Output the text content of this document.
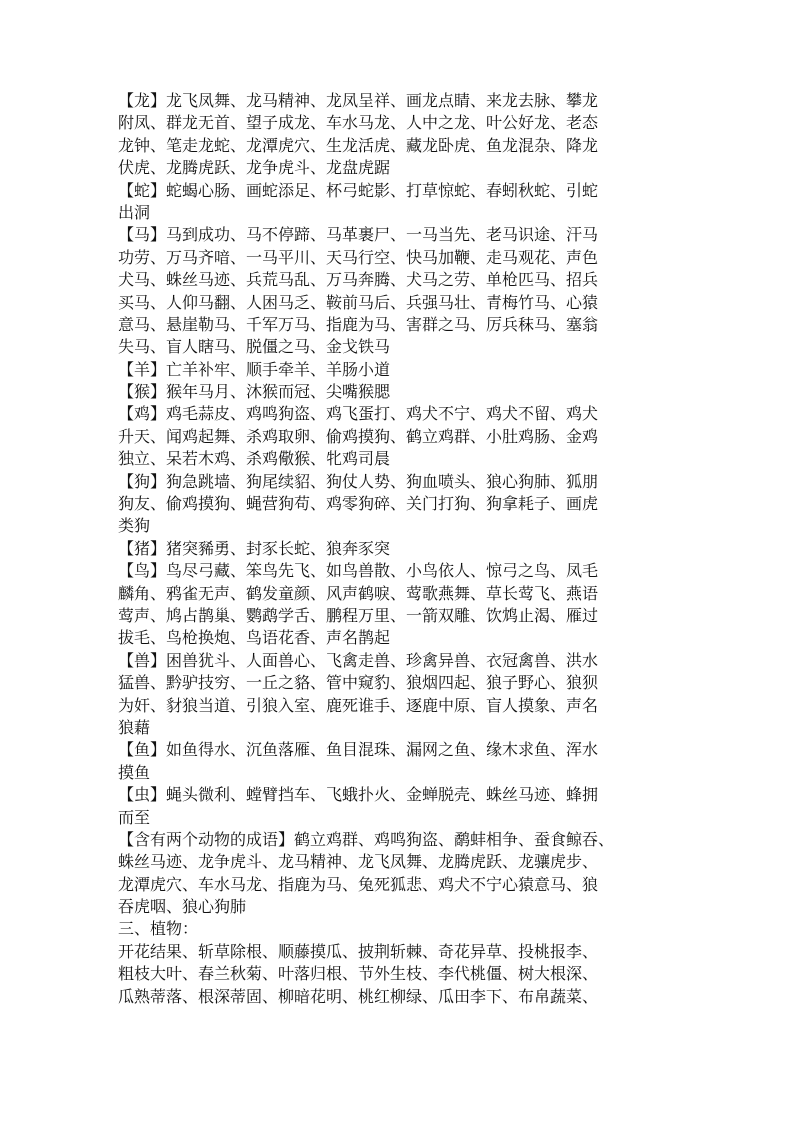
【龙】龙飞凤舞、龙马精神、龙凤呈祥、画龙点睛、来龙去脉、攀龙

附凤、群龙无首、望子成龙、车水马龙、人中之龙、叶公好龙、老态

龙钟、笔走龙蛇、龙潭虎穴、生龙活虎、藏龙卧虎、鱼龙混杂、降龙

伏虎、龙腾虎跃、龙争虎斗、龙盘虎踞

【蛇】蛇蝎心肠、画蛇添足、杯弓蛇影、打草惊蛇、春蚓秋蛇、引蛇

出洞

【马】马到成功、马不停蹄、马革裹尸、一马当先、老马识途、汗马

功劳、万马齐喑、一马平川、天马行空、快马加鞭、走马观花、声色

犬马、蛛丝马迹、兵荒马乱、万马奔腾、犬马之劳、单枪匹马、招兵

买马、人仰马翻、人困马乏、鞍前马后、兵强马壮、青梅竹马、心猿

意马、悬崖勒马、千军万马、指鹿为马、害群之马、厉兵秣马、塞翁

失马、盲人瞎马、脱僵之马、金戈铁马

【羊】亡羊补牢、顺手牵羊、羊肠小道

【猴】猴年马月、沐猴而冠、尖嘴猴腮

【鸡】鸡毛蒜皮、鸡鸣狗盗、鸡飞蛋打、鸡犬不宁、鸡犬不留、鸡犬

升天、闻鸡起舞、杀鸡取卵、偷鸡摸狗、鹤立鸡群、小肚鸡肠、金鸡

独立、呆若木鸡、杀鸡儆猴、牝鸡司晨

【狗】狗急跳墙、狗尾续貂、狗仗人势、狗血喷头、狼心狗肺、狐朋

狗友、偷鸡摸狗、蝇营狗苟、鸡零狗碎、关门打狗、狗拿耗子、画虎

类狗

【猪】猪突豨勇、封豕长蛇、狼奔豕突

【鸟】鸟尽弓藏、笨鸟先飞、如鸟兽散、小鸟依人、惊弓之鸟、凤毛

麟角、鸦雀无声、鹤发童颜、风声鹤唳、莺歌燕舞、草长莺飞、燕语

莺声、鸠占鹊巢、鹦鹉学舌、鹏程万里、一箭双雕、饮鸩止渴、雁过

拔毛、鸟枪换炮、鸟语花香、声名鹊起

【兽】困兽犹斗、人面兽心、飞禽走兽、珍禽异兽、衣冠禽兽、洪水

猛兽、黔驴技穷、一丘之貉、管中窥豹、狼烟四起、狼子野心、狼狈

为奸、豺狼当道、引狼入室、鹿死谁手、逐鹿中原、盲人摸象、声名

狼藉

【鱼】如鱼得水、沉鱼落雁、鱼目混珠、漏网之鱼、缘木求鱼、浑水

摸鱼

【虫】蝇头微利、螳臂挡车、飞蛾扑火、金蝉脱壳、蛛丝马迹、蜂拥

而至

【含有两个动物的成语】鹤立鸡群、鸡鸣狗盗、鹬蚌相争、蚕食鲸吞、

蛛丝马迹、龙争虎斗、龙马精神、龙飞凤舞、龙腾虎跃、龙骧虎步、

龙潭虎穴、车水马龙、指鹿为马、兔死狐悲、鸡犬不宁心猿意马、狼

吞虎咽、狼心狗肺

三、植物：

开花结果、斩草除根、顺藤摸瓜、披荆斩棘、奇花异草、投桃报李、

粗枝大叶、春兰秋菊、叶落归根、节外生枝、李代桃僵、树大根深、

瓜熟蒂落、根深蒂固、柳暗花明、桃红柳绿、瓜田李下、布帛蔬菜、
